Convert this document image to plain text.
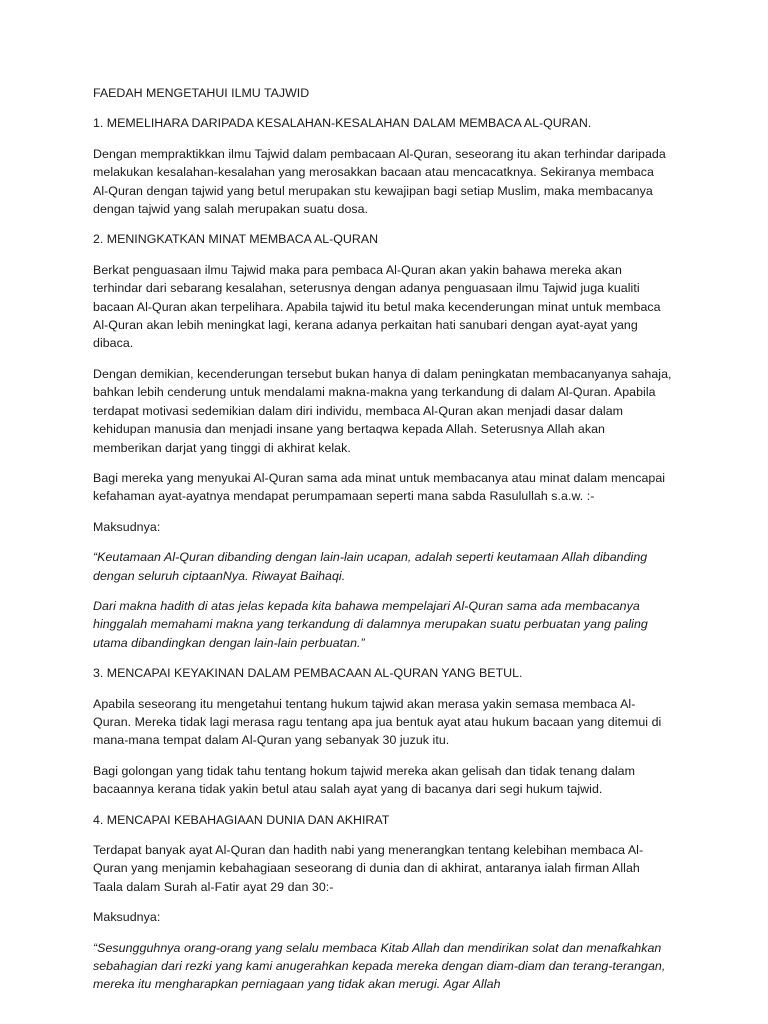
FAEDAH MENGETAHUI ILMU TAJWID

1. MEMELIHARA DARIPADA KESALAHAN-KESALAHAN DALAM MEMBACA AL-QURAN.

Dengan mempraktikkan ilmu Tajwid dalam pembacaan Al-Quran, seseorang itu akan terhindar daripada melakukan kesalahan-kesalahan yang merosakkan bacaan atau mencacatknya. Sekiranya membaca Al-Quran dengan tajwid yang betul merupakan stu kewajipan bagi setiap Muslim, maka membacanya dengan tajwid yang salah merupakan suatu dosa.

2. MENINGKATKAN MINAT MEMBACA AL-QURAN

Berkat penguasaan ilmu Tajwid maka para pembaca Al-Quran akan yakin bahawa mereka akan terhindar dari sebarang kesalahan, seterusnya dengan adanya penguasaan ilmu Tajwid juga kualiti bacaan Al-Quran akan terpelihara. Apabila tajwid itu betul maka kecenderungan minat untuk membaca Al-Quran akan lebih meningkat lagi, kerana adanya perkaitan hati sanubari dengan ayat-ayat yang dibaca.

Dengan demikian, kecenderungan tersebut bukan hanya di dalam peningkatan membacanyanya sahaja, bahkan lebih cenderung untuk mendalami makna-makna yang terkandung di dalam Al-Quran. Apabila terdapat motivasi sedemikian dalam diri individu, membaca Al-Quran akan menjadi dasar dalam kehidupan manusia dan menjadi insane yang bertaqwa kepada Allah. Seterusnya Allah akan memberikan darjat yang tinggi di akhirat kelak.

Bagi mereka yang menyukai Al-Quran sama ada minat untuk membacanya atau minat dalam mencapai kefahaman ayat-ayatnya mendapat perumpamaan seperti mana sabda Rasulullah s.a.w. :-

Maksudnya:

“Keutamaan Al-Quran dibanding dengan lain-lain ucapan, adalah seperti keutamaan Allah dibanding dengan seluruh ciptaanNya. Riwayat Baihaqi.

Dari makna hadith di atas jelas kepada kita bahawa mempelajari Al-Quran sama ada membacanya hinggalah memahami makna yang terkandung di dalamnya merupakan suatu perbuatan yang paling utama dibandingkan dengan lain-lain perbuatan.”

3. MENCAPAI KEYAKINAN DALAM PEMBACAAN AL-QURAN YANG BETUL.

Apabila seseorang itu mengetahui tentang hukum tajwid akan merasa yakin semasa membaca Al-Quran. Mereka tidak lagi merasa ragu tentang apa jua bentuk ayat atau hukum bacaan yang ditemui di mana-mana tempat dalam Al-Quran yang sebanyak 30 juzuk itu.

Bagi golongan yang tidak tahu tentang hokum tajwid mereka akan gelisah dan tidak tenang dalam bacaannya kerana tidak yakin betul atau salah ayat yang di bacanya dari segi hukum tajwid.

4. MENCAPAI KEBAHAGIAAN DUNIA DAN AKHIRAT

Terdapat banyak ayat Al-Quran dan hadith nabi yang menerangkan tentang kelebihan membaca Al-Quran yang menjamin kebahagiaan seseorang di dunia dan di akhirat, antaranya ialah firman Allah Taala dalam Surah al-Fatir ayat 29 dan 30:-

Maksudnya:

“Sesungguhnya orang-orang yang selalu membaca Kitab Allah dan mendirikan solat dan menafkahkan sebahagian dari rezki yang kami anugerahkan kepada mereka dengan diam-diam dan terang-terangan, mereka itu mengharapkan perniagaan yang tidak akan merugi. Agar Allah
